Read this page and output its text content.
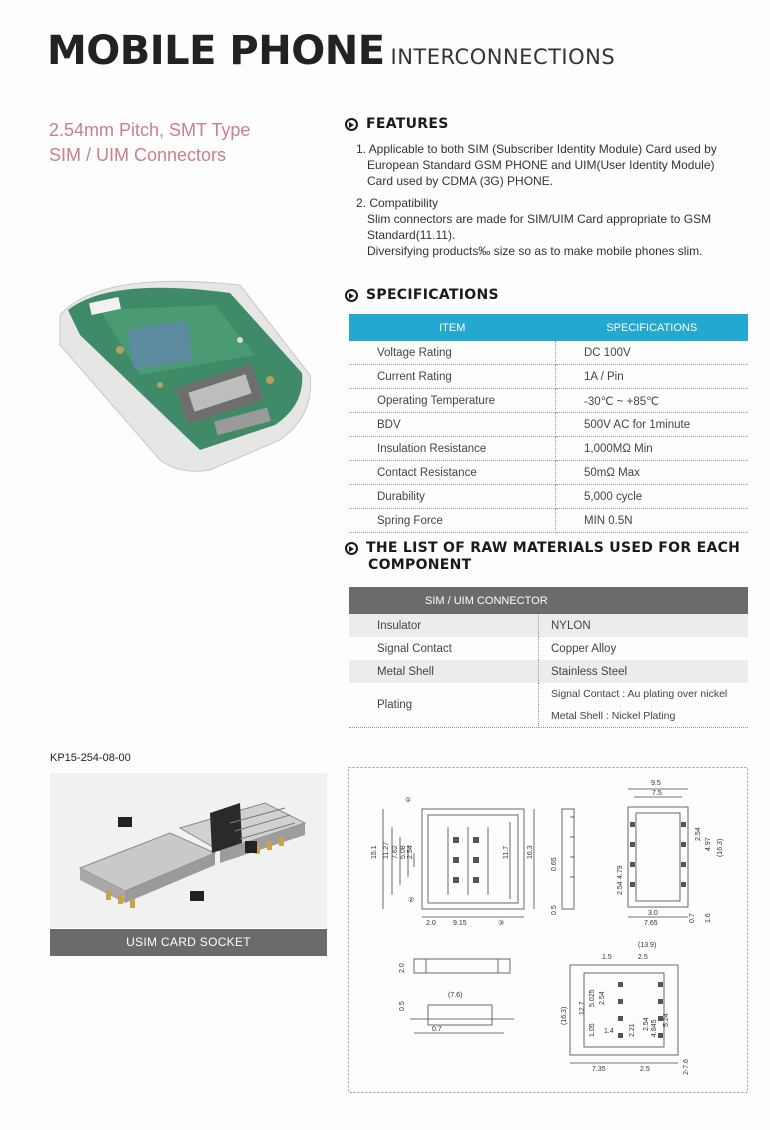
MOBILE PHONE INTERCONNECTIONS
2.54mm Pitch, SMT Type
SIM / UIM Connectors
FEATURES
1. Applicable to both SIM (Subscriber Identity Module) Card used by
European Standard GSM PHONE and UIM(User Identity Module)
Card used by CDMA (3G) PHONE.
2. Compatibility
Slim connectors are made for SIM/UIM Card appropriate to GSM
Standard(11.11).
Diversifying products‰ size so as to make mobile phones slim.
SPECIFICATIONS
ITEM	SPECIFICATIONS
Voltage Rating	DC 100V
Current Rating	1A / Pin
Operating Temperature	-30℃ ~ +85℃
BDV	500V AC for 1minute
Insulation Resistance	1,000MΩ Min
Contact Resistance	50mΩ Max
Durability	5,000 cycle
Spring Force	MIN 0.5N
THE LIST OF RAW MATERIALS USED FOR EACH
COMPONENT
SIM / UIM CONNECTOR	
Insulator	NYLON
Signal Contact	Copper Alloy
Metal Shell	Stainless Steel
Plating	Signal Contact : Au plating over nickel
	Metal Shell : Nickel Plating
KP15-254-08-00
USIM CARD SOCKET
①
②
③
15.1 11.27 7.62 5.08 2.54	11.7 16.3
2.0 9.15
0.65
0.5
9.5
7.5
4.79
2.54
2.54
4.97 (16.3)
3.0
7.65
0.7 1.6
2.0
(7.6)
0.5
0.7
(13.9)
1.5	2.5
(16.3) 12.7
5.025 2.54
1.05 1.4 2.21 2.54 4.845 5.24
7.35	2.5	2-7.6
